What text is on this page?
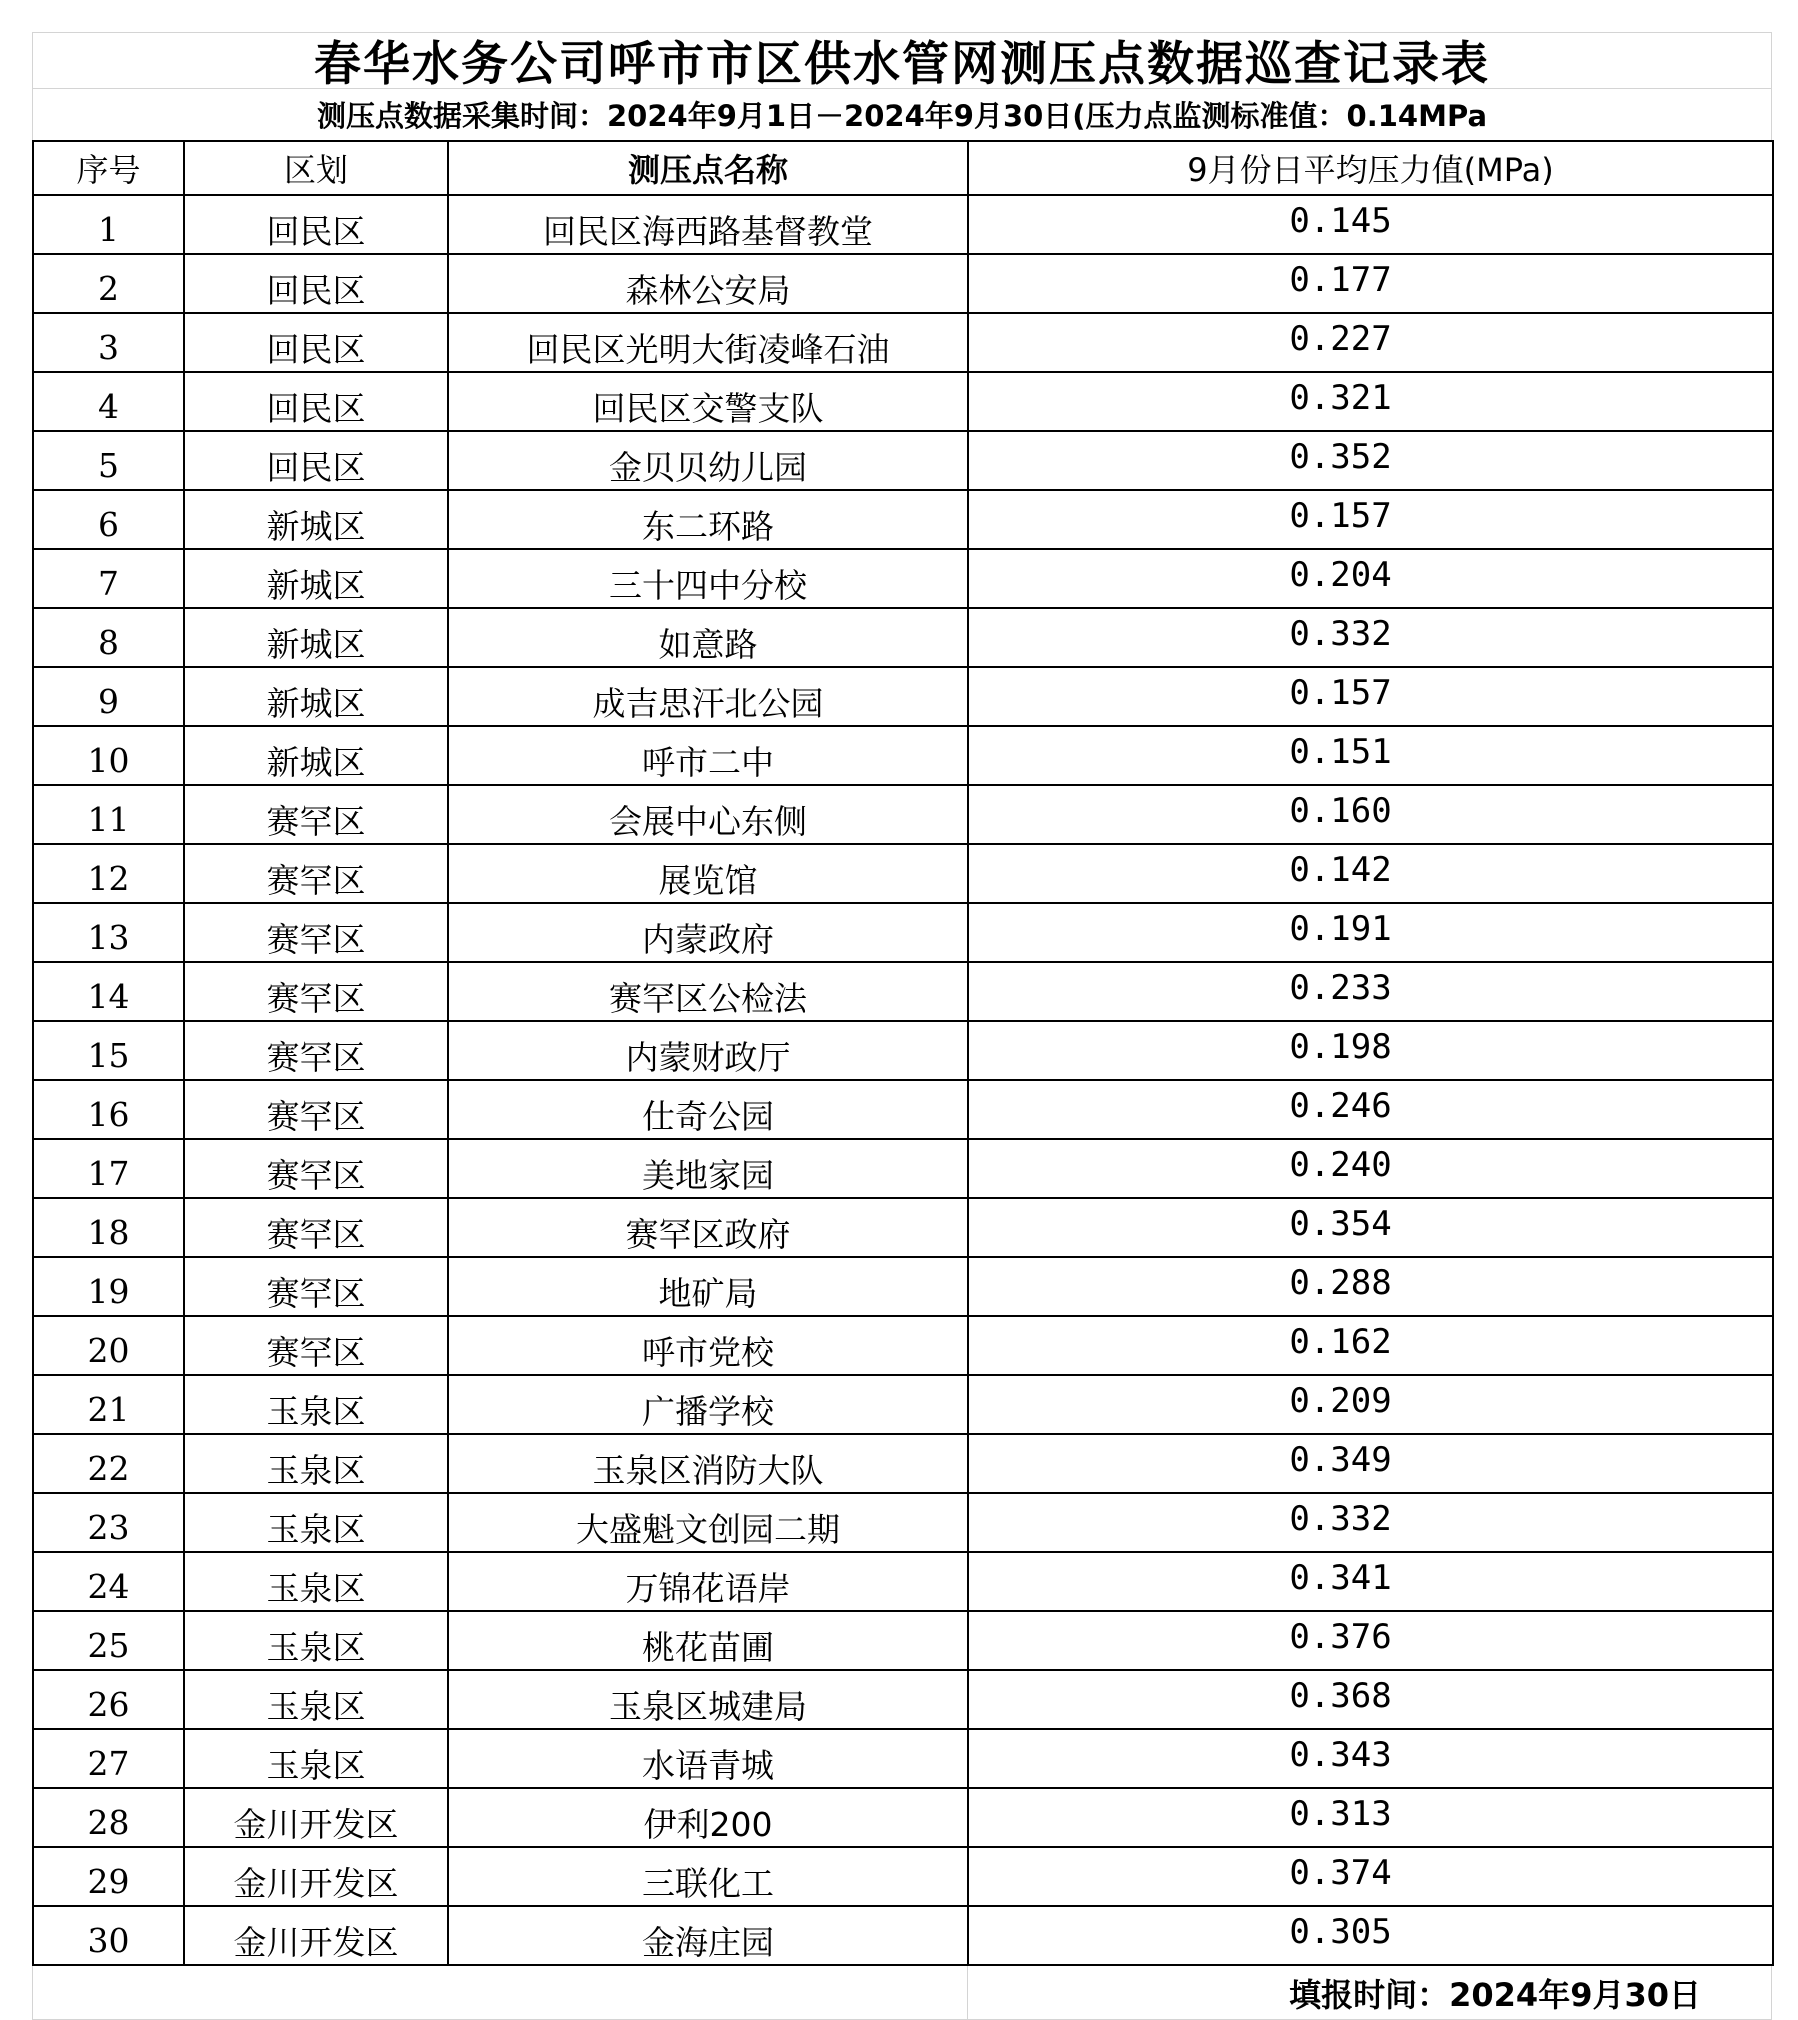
春华水务公司呼市市区供水管网测压点数据巡查记录表
测压点数据采集时间：2024年9月1日－2024年9月30日(压力点监测标准值：0.14MPa
序号	区划	测压点名称	9月份日平均压力值(MPa)
1	回民区	回民区海西路基督教堂	0.145
2	回民区	森林公安局	0.177
3	回民区	回民区光明大街凌峰石油	0.227
4	回民区	回民区交警支队	0.321
5	回民区	金贝贝幼儿园	0.352
6	新城区	东二环路	0.157
7	新城区	三十四中分校	0.204
8	新城区	如意路	0.332
9	新城区	成吉思汗北公园	0.157
10	新城区	呼市二中	0.151
11	赛罕区	会展中心东侧	0.160
12	赛罕区	展览馆	0.142
13	赛罕区	内蒙政府	0.191
14	赛罕区	赛罕区公检法	0.233
15	赛罕区	内蒙财政厅	0.198
16	赛罕区	仕奇公园	0.246
17	赛罕区	美地家园	0.240
18	赛罕区	赛罕区政府	0.354
19	赛罕区	地矿局	0.288
20	赛罕区	呼市党校	0.162
21	玉泉区	广播学校	0.209
22	玉泉区	玉泉区消防大队	0.349
23	玉泉区	大盛魁文创园二期	0.332
24	玉泉区	万锦花语岸	0.341
25	玉泉区	桃花苗圃	0.376
26	玉泉区	玉泉区城建局	0.368
27	玉泉区	水语青城	0.343
28	金川开发区	伊利200	0.313
29	金川开发区	三联化工	0.374
30	金川开发区	金海庄园	0.305
填报时间：2024年9月30日
